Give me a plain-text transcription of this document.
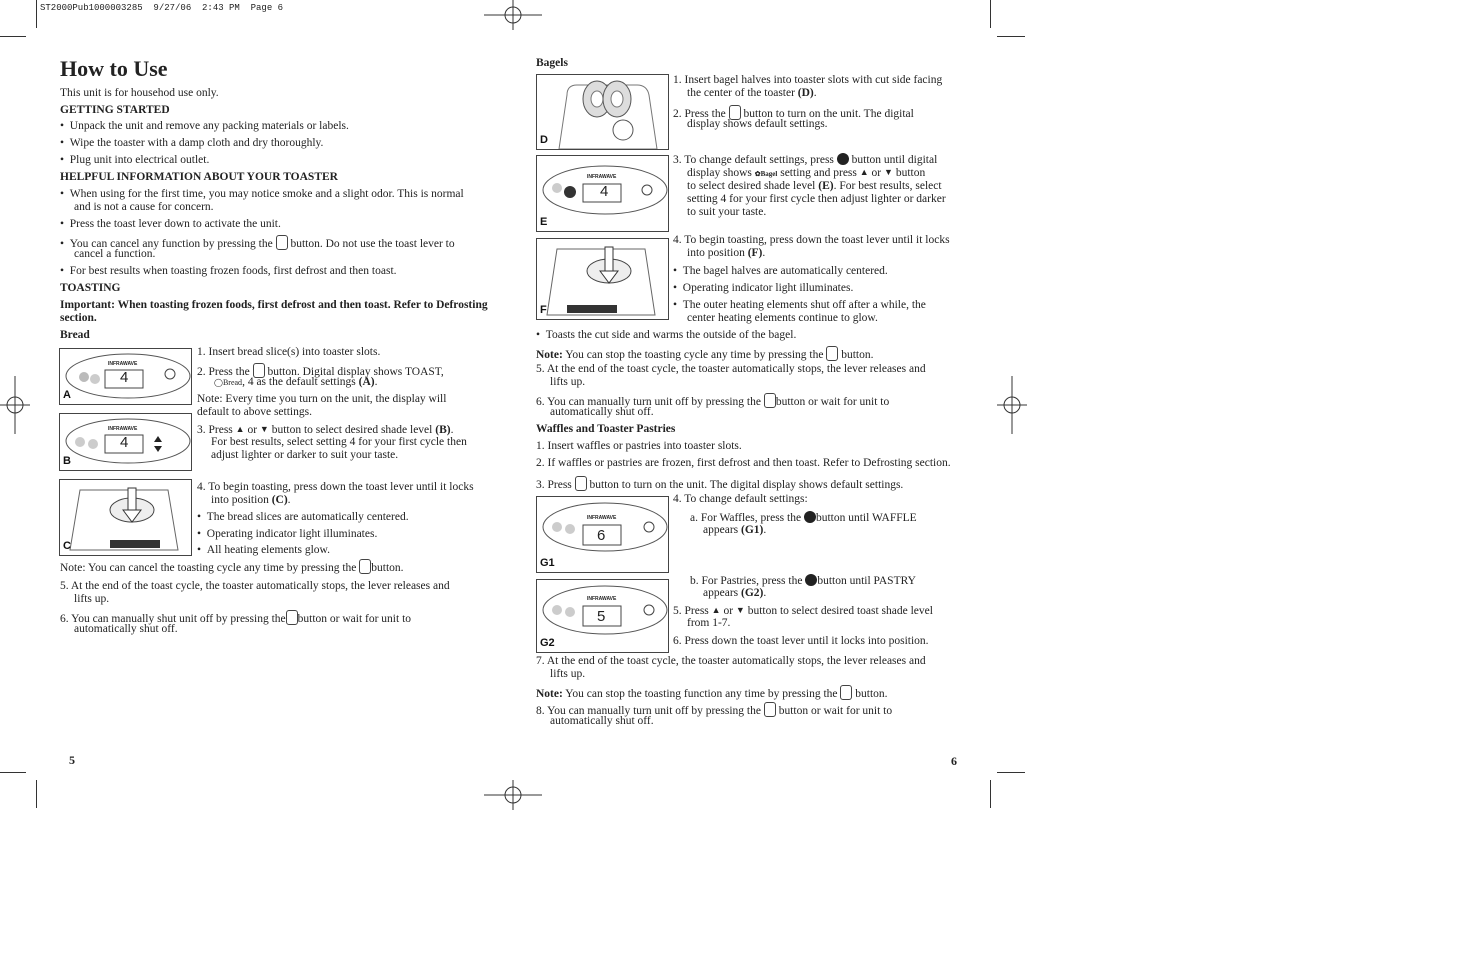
ST2000Pub1000003285  9/27/06  2:43 PM  Page 6
How to Use
This unit is for househod use only.
GETTING STARTED
•  Unpack the unit and remove any packing materials or labels.
•  Wipe the toaster with a damp cloth and dry thoroughly.
•  Plug unit into electrical outlet.
HELPFUL INFORMATION ABOUT YOUR TOASTER
•  When using for the first time, you may notice smoke and a slight odor. This is normal
and is not a cause for concern.
•  Press the toast lever down to activate the unit.
•  You can cancel any function by pressing the button. Do not use the toast lever to
cancel a function.
•  For best results when toasting frozen foods, first defrost and then toast.
TOASTING
Important: When toasting frozen foods, first defrost and then toast. Refer to Defrosting
section.
Bread
INFRAWAVE
4
A
INFRAWAVE
4
B
C
1. Insert bread slice(s) into toaster slots.
2. Press the button. Digital display shows TOAST,
◯Bread, 4 as the default settings (A).
Note: Every time you turn on the unit, the display will
default to above settings.
3. Press ▲ or ▼ button to select desired shade level (B).
For best results, select setting 4 for your first cycle then
adjust lighter or darker to suit your taste.
4. To begin toasting, press down the toast lever until it locks
into position (C).
•  The bread slices are automatically centered.
•  Operating indicator light illuminates.
•  All heating elements glow.
Note: You can cancel the toasting cycle any time by pressing the button.
5. At the end of the toast cycle, the toaster automatically stops, the lever releases and
lifts up.
6. You can manually shut unit off by pressing the button or wait for unit to
automatically shut off.
5
Bagels
D
INFRAWAVE
4
E
F
1. Insert bagel halves into toaster slots with cut side facing
the center of the toaster (D).
2. Press the button to turn on the unit. The digital
display shows default settings.
3. To change default settings, press button until digital
display shows ✿Bagel setting and press ▲ or ▼ button
to select desired shade level (E). For best results, select
setting 4 for your first cycle then adjust lighter or darker
to suit your taste.
4. To begin toasting, press down the toast lever until it locks
into position (F).
•  The bagel halves are automatically centered.
•  Operating indicator light illuminates.
•  The outer heating elements shut off after a while, the
center heating elements continue to glow.
•  Toasts the cut side and warms the outside of the bagel.
Note: You can stop the toasting cycle any time by pressing the button.
5. At the end of the toast cycle, the toaster automatically stops, the lever releases and
lifts up.
6. You can manually turn unit off by pressing the button or wait for unit to
automatically shut off.
Waffles and Toaster Pastries
1. Insert waffles or pastries into toaster slots.
2. If waffles or pastries are frozen, first defrost and then toast. Refer to Defrosting section.
3. Press button to turn on the unit. The digital display shows default settings.
INFRAWAVE
6
G1
INFRAWAVE
5
G2
4. To change default settings:
a. For Waffles, press the button until WAFFLE
appears (G1).
b. For Pastries, press the button until PASTRY
appears (G2).
5. Press ▲ or ▼ button to select desired toast shade level
from 1-7.
6. Press down the toast lever until it locks into position.
7. At the end of the toast cycle, the toaster automatically stops, the lever releases and
lifts up.
Note: You can stop the toasting function any time by pressing the button.
8. You can manually turn unit off by pressing the button or wait for unit to
automatically shut off.
6
